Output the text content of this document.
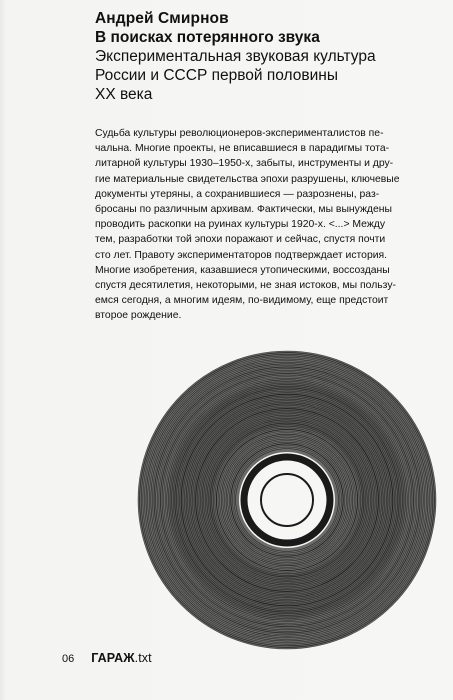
Андрей Смирнов
В поисках потерянного звука
Экспериментальная звуковая культура
России и СССР первой половины
XX века

Судьба культуры революционеров-эксперименталистов пе-
чальна. Многие проекты, не вписавшиеся в парадигмы тота-
литарной культуры 1930–1950-х, забыты, инструменты и дру-
гие материальные свидетельства эпохи разрушены, ключевые
документы утеряны, а сохранившиеся — разрознены, раз-
бросаны по различным архивам. Фактически, мы вынуждены
проводить раскопки на руинах культуры 1920-х. <...> Между
тем, разработки той эпохи поражают и сейчас, спустя почти
сто лет. Правоту экспериментаторов подтверждает история.
Многие изобретения, казавшиеся утопическими, воссозданы
спустя десятилетия, некоторыми, не зная истоков, мы пользу-
емся сегодня, а многим идеям, по-видимому, еще предстоит
второе рождение.

06 ГАРАЖ.txt
